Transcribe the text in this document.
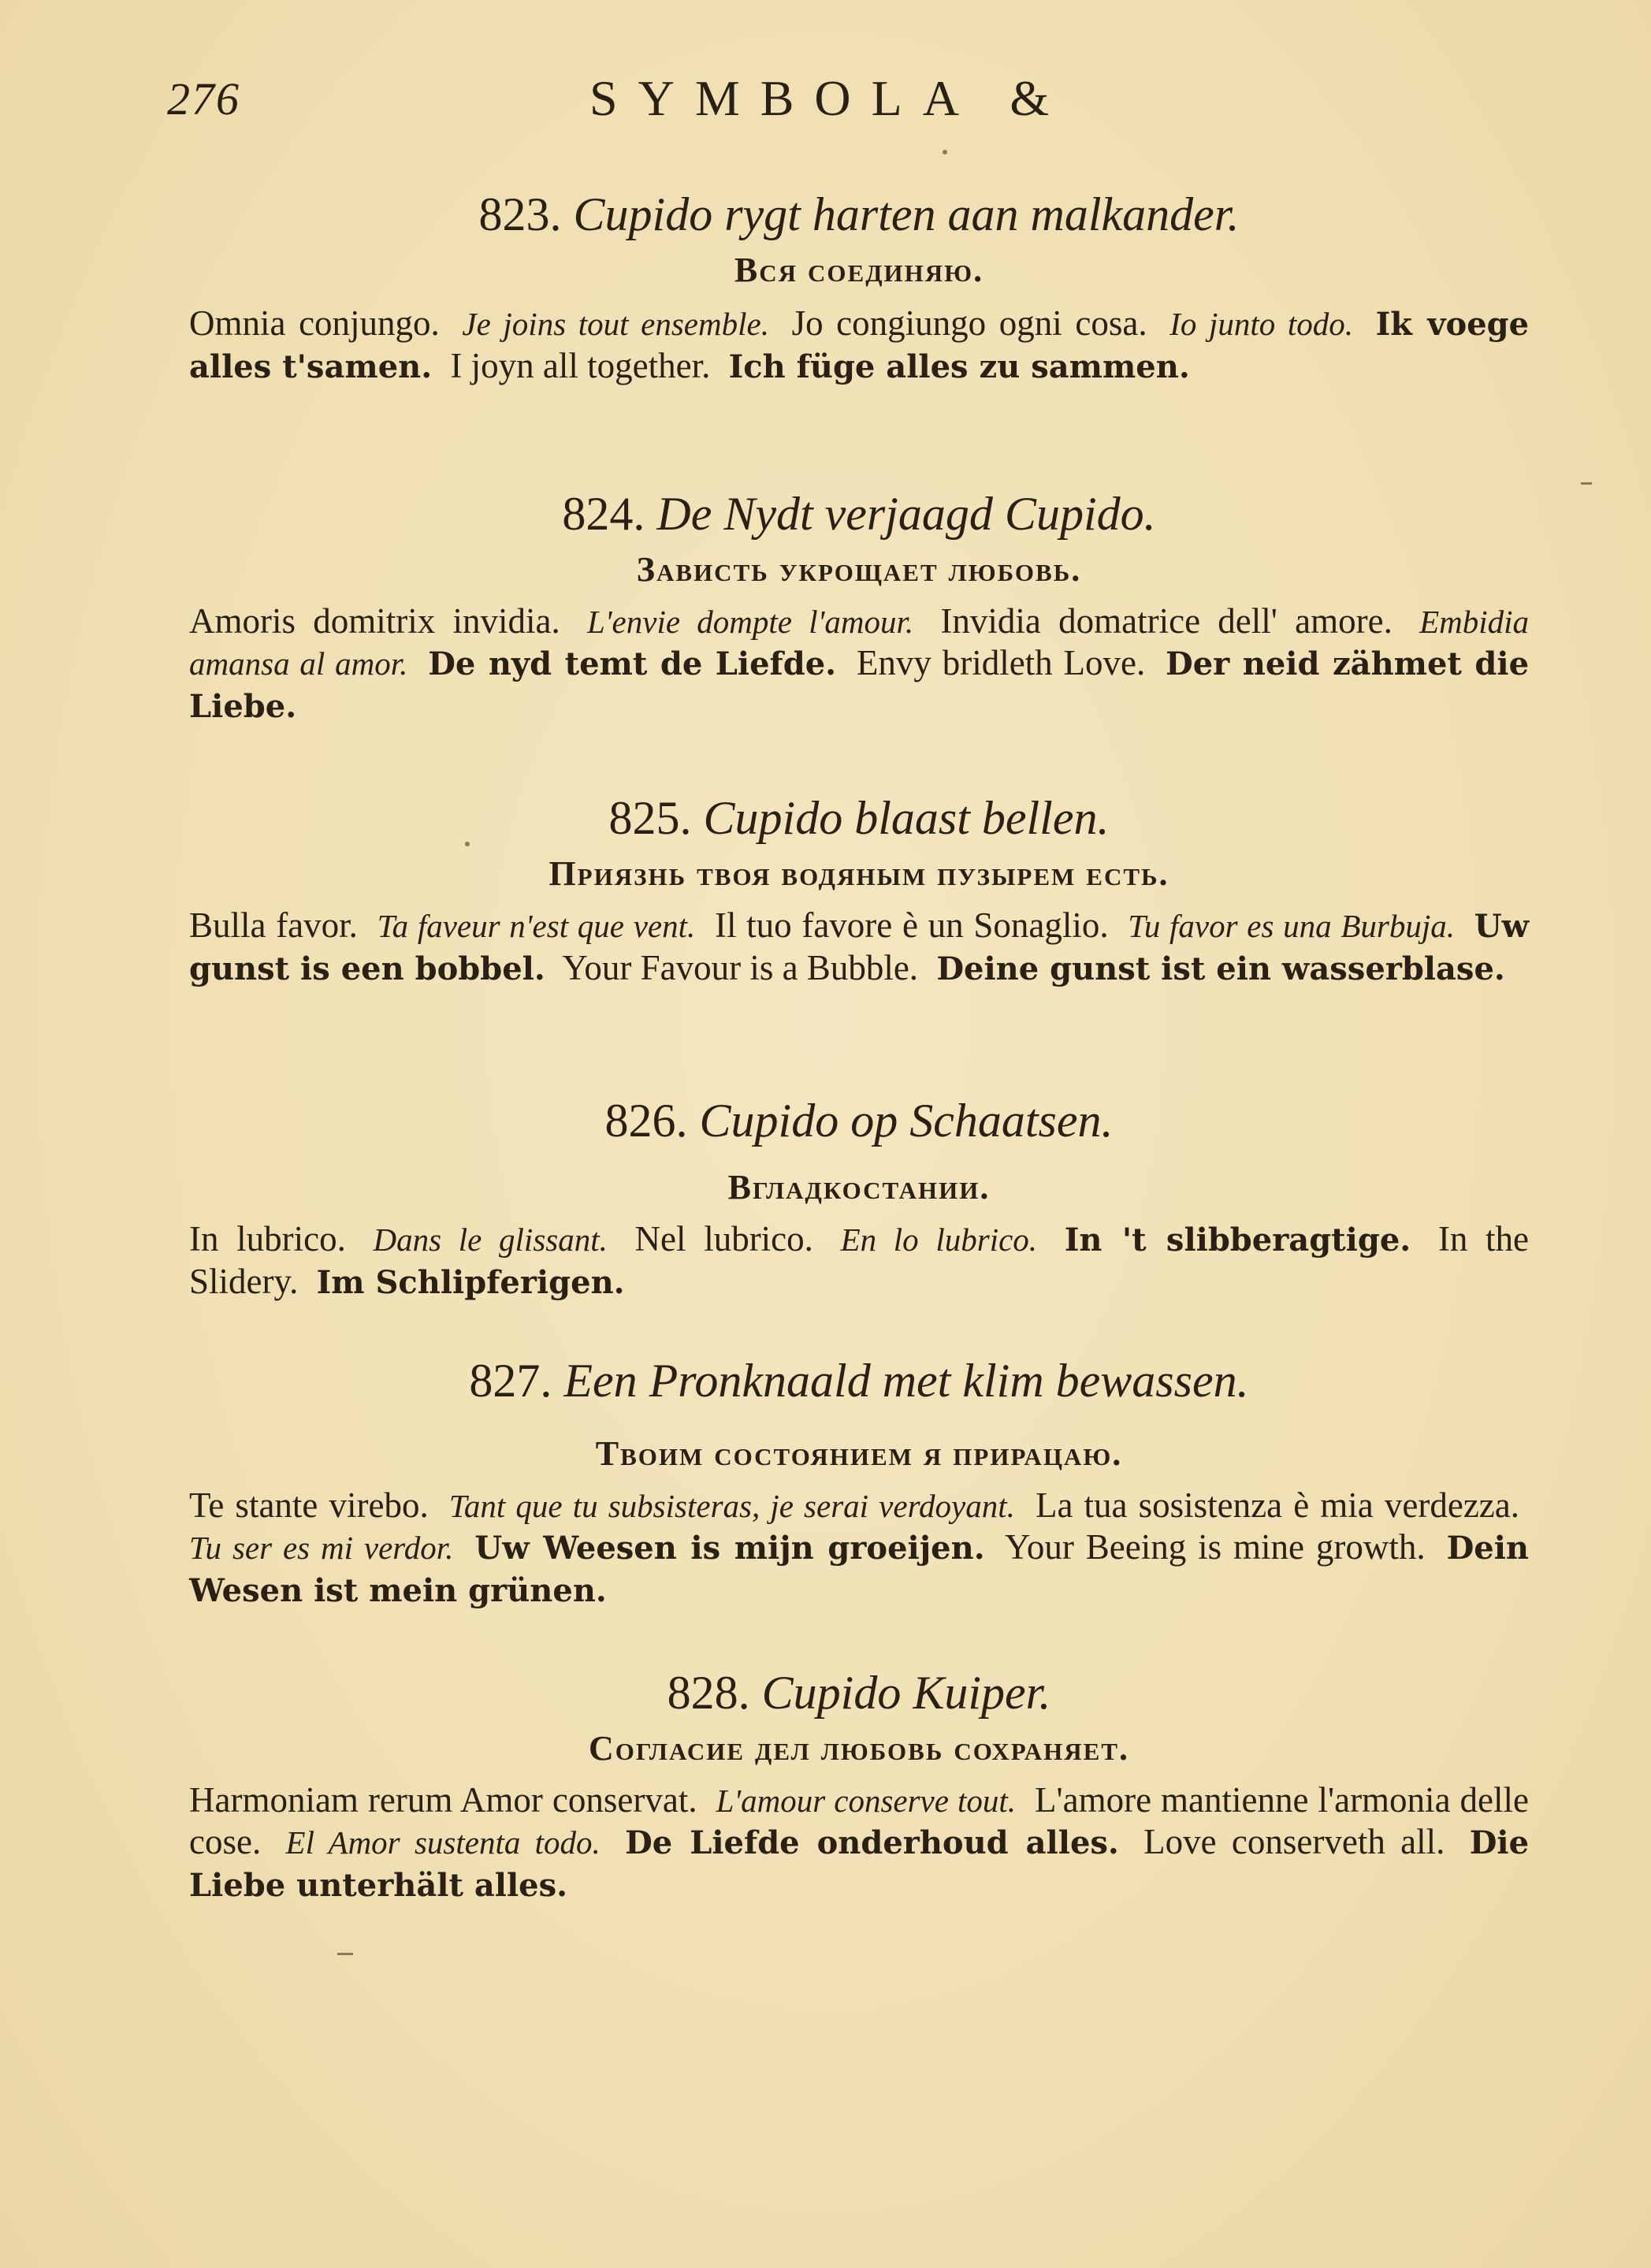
276	SYMBOLA &
823. Cupido rygt harten aan malkander.
Вся соединяю.
Omnia conjungo. Je joins tout ensemble. Jo congiungo ogni cosa. Io junto todo. Ik voege alles t'samen. I joyn all together. Ich füge alles zu sammen.
824. De Nydt verjaagd Cupido.
Зависть укрощает любовь.
Amoris domitrix invidia. L'envie dompte l'amour. Invidia domatrice dell' amore. Embidia amansa al amor. De nyd temt de Liefde. Envy bridleth Love. Der neid zähmet die Liebe.
825. Cupido blaast bellen.
Приязнь твоя водяным пузырем есть.
Bulla favor. Ta faveur n'est que vent. Il tuo favore è un Sonaglio. Tu favor es una Burbuja. Uw gunst is een bobbel. Your Favour is a Bubble. Deine gunst ist ein wasserblase.
826. Cupido op Schaatsen.
Вгладкостании.
In lubrico. Dans le glissant. Nel lubrico. En lo lubrico. In 't slibberagtige. In the Slidery. Im Schlipferigen.
827. Een Pronknaald met klim bewassen.
Твоим состоянием я прирацаю.
Te stante virebo. Tant que tu subsisteras, je serai verdoyant. La tua sosistenza è mia verdezza. Tu ser es mi verdor. Uw Weesen is mijn groeijen. Your Beeing is mine growth. Dein Wesen ist mein grünen.
828. Cupido Kuiper.
Согласие дел любовь сохраняет.
Harmoniam rerum Amor conservat. L'amour conserve tout. L'amore mantienne l'armonia delle cose. El Amor sustenta todo. De Liefde onderhoud alles. Love conserveth all. Die Liebe unterhält alles.
